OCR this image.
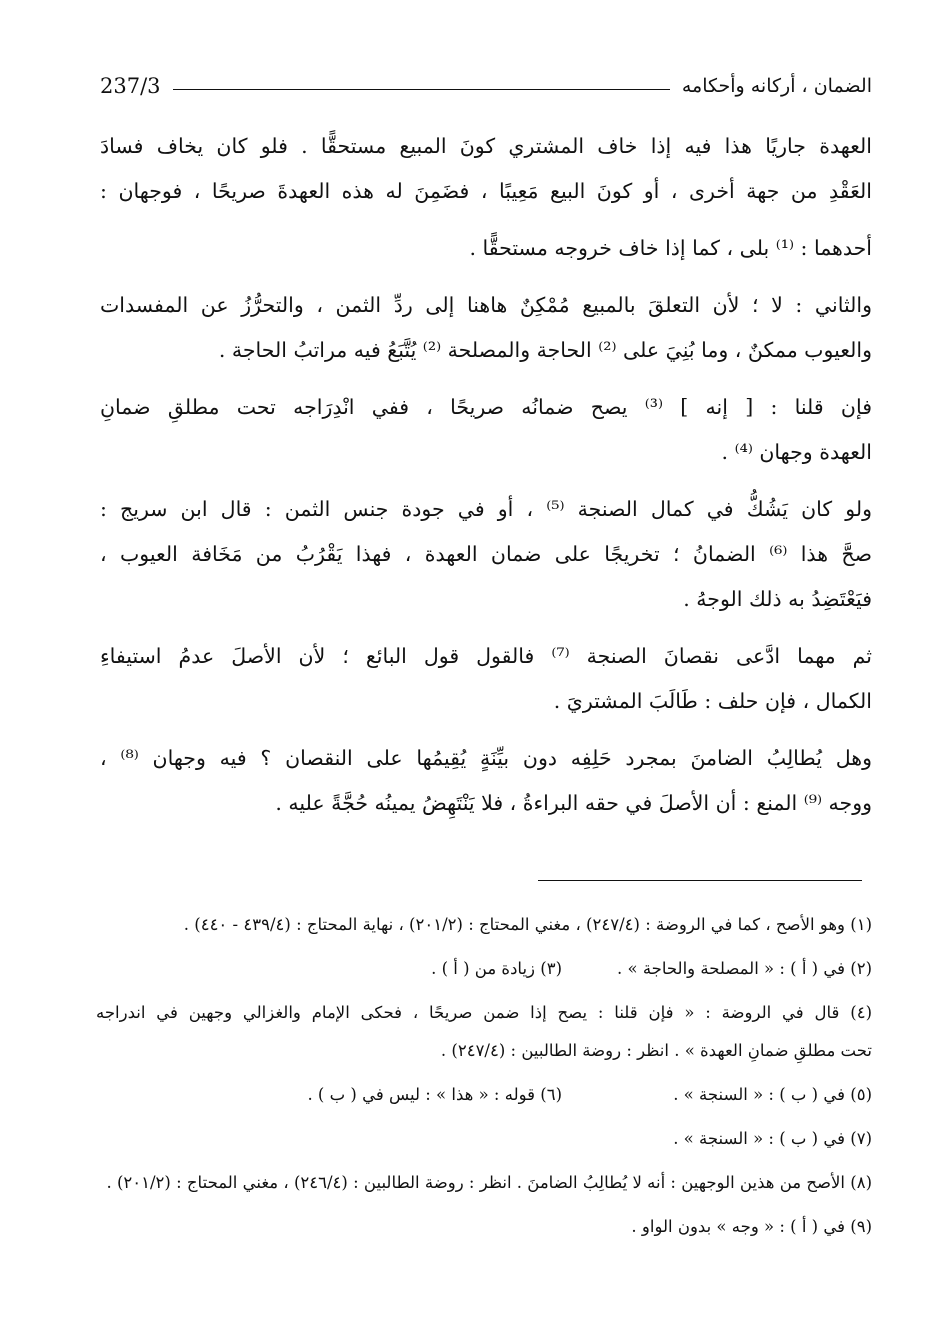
الضمان ، أركانه وأحكامه
237/3

العهدة جاريًا هذا فيه إذا خاف المشتري كونَ المبيع مستحقًّا . فلو كان يخاف فسادَ
العَقْدِ من جهة أخرى ، أو كونَ البيع مَعِيبًا ، فضَمِنَ له هذه العهدةَ صريحًا ، فوجهان :

أحدهما : ⁽¹⁾ بلى ، كما إذا خاف خروجه مستحقًّا .

والثاني : لا ؛ لأن التعلقَ بالمبيع مُمْكِنٌ هاهنا إلى ردِّ الثمن ، والتحرُّزُ عن المفسدات
والعيوب ممكنٌ ، وما بُنِيَ على ⁽²⁾ الحاجة والمصلحة ⁽²⁾ يُتَّبَعُ فيه مراتبُ الحاجة .

فإن قلنا : [ إنه ] ⁽³⁾ يصح ضمانُه صريحًا ، ففي انْدِرَاجه تحت مطلقِ ضمانِ
العهدة وجهان ⁽⁴⁾ .

ولو كان يَشُكُّ في كمال الصنجة ⁽⁵⁾ ، أو في جودة جنس الثمن : قال ابن سريج :
صحَّ هذا ⁽⁶⁾ الضمانُ ؛ تخريجًا على ضمان العهدة ، فهذا يَقْرُبُ من مَخَافة العيوب ،
فيَعْتَضِدُ به ذلك الوجهُ .

ثم مهما ادَّعى نقصانَ الصنجة ⁽⁷⁾ فالقول قول البائع ؛ لأن الأصلَ عدمُ استيفاءِ
الكمال ، فإن حلف : طَالَبَ المشتريَ .

وهل يُطالِبُ الضامنَ بمجرد حَلِفِه دون بيِّنَةٍ يُقِيمُها على النقصان ؟ فيه وجهان ⁽⁸⁾ ،
ووجه ⁽⁹⁾ المنع : أن الأصلَ في حقه البراءةُ ، فلا يَنْتَهِضُ يمينُه حُجَّةً عليه .

(١) وهو الأصح ، كما في الروضة : (٢٤٧/٤) ، مغني المحتاج : (٢٠١/٢) ، نهاية المحتاج : (٤٣٩/٤ - ٤٤٠) .
(٢) في ( أ ) : « المصلحة والحاجة » .
(٣) زيادة من ( أ ) .
(٤) قال في الروضة : « فإن قلنا : يصح إذا ضمن صريحًا ، فحكى الإمام والغزالي وجهين في اندراجه
تحت مطلقِ ضمانِ العهدة » . انظر : روضة الطالبين : (٢٤٧/٤) .
(٥) في ( ب ) : « السنجة » .
(٦) قوله : « هذا » : ليس في ( ب ) .
(٧) في ( ب ) : « السنجة » .
(٨) الأصح من هذين الوجهين : أنه لا يُطالِبُ الضامنَ . انظر : روضة الطالبين : (٢٤٦/٤) ، مغني المحتاج : (٢٠١/٢) .
(٩) في ( أ ) : « وجه » بدون الواو .
